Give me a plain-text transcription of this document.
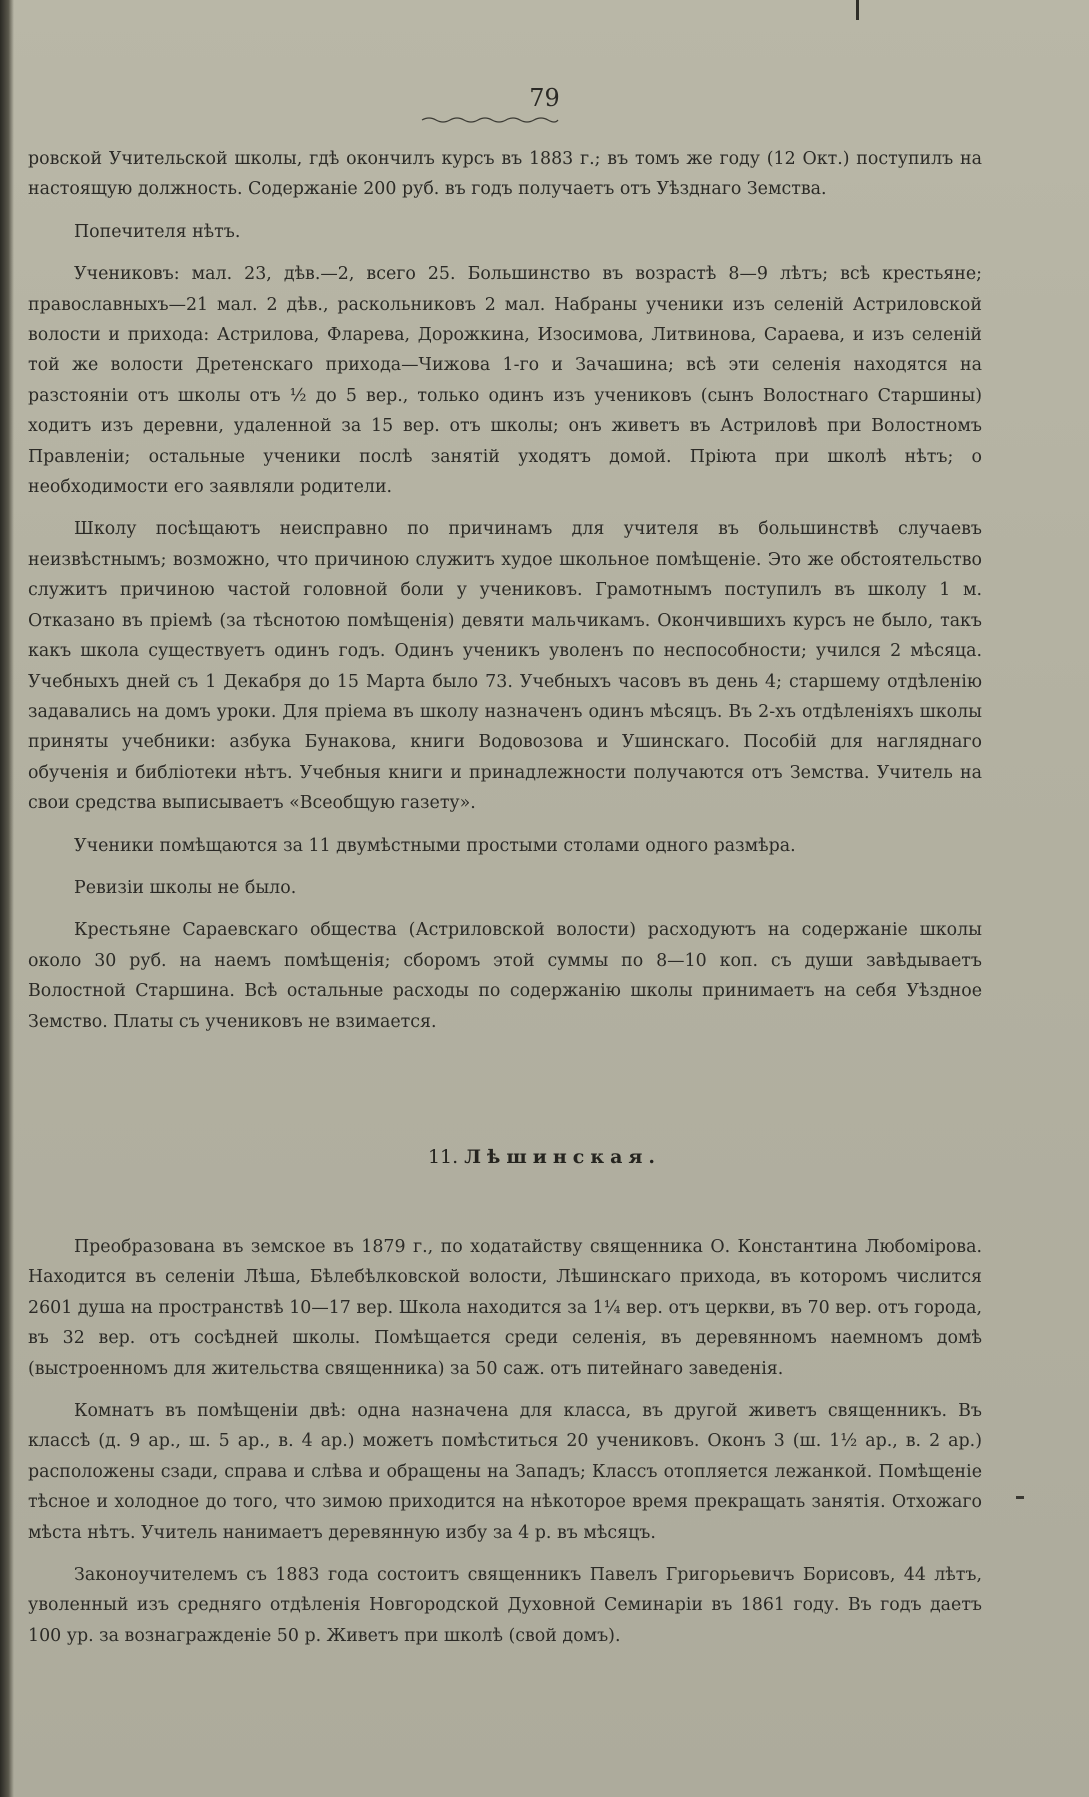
79

ровской Учительской школы, гдѣ окончилъ курсъ въ 1883 г.; въ томъ же году (12 Окт.) поступилъ на настоящую должность. Содержаніе 200 руб. въ годъ получаетъ отъ Уѣзднаго Земства.

Попечителя нѣтъ.

Учениковъ: мал. 23, дѣв.—2, всего 25. Большинство въ возрастѣ 8—9 лѣтъ; всѣ крестьяне; православныхъ—21 мал. 2 дѣв., раскольниковъ 2 мал. Набраны ученики изъ селеній Астриловской волости и прихода: Астрилова, Фларева, Дорожкина, Изосимова, Литвинова, Сараева, и изъ селеній той же волости Дретенскаго прихода—Чижова 1-го и Зачашина; всѣ эти селенія находятся на разстояніи отъ школы отъ ½ до 5 вер., только одинъ изъ учениковъ (сынъ Волостнаго Старшины) ходитъ изъ деревни, удаленной за 15 вер. отъ школы; онъ живетъ въ Астриловѣ при Волостномъ Правленіи; остальные ученики послѣ занятій уходятъ домой. Пріюта при школѣ нѣтъ; о необходимости его заявляли родители.

Школу посѣщаютъ неисправно по причинамъ для учителя въ большинствѣ случаевъ неизвѣстнымъ; возможно, что причиною служитъ худое школьное помѣщеніе. Это же обстоятельство служитъ причиною частой головной боли у учениковъ. Грамотнымъ поступилъ въ школу 1 м. Отказано въ пріемѣ (за тѣснотою помѣщенія) девяти мальчикамъ. Окончившихъ курсъ не было, такъ какъ школа существуетъ одинъ годъ. Одинъ ученикъ уволенъ по неспособности; учился 2 мѣсяца. Учебныхъ дней съ 1 Декабря до 15 Марта было 73. Учебныхъ часовъ въ день 4; старшему отдѣленію задавались на домъ уроки. Для пріема въ школу назначенъ одинъ мѣсяцъ. Въ 2-хъ отдѣленіяхъ школы приняты учебники: азбука Бунакова, книги Водовозова и Ушинскаго. Пособій для нагляднаго обученія и библіотеки нѣтъ. Учебныя книги и принадлежности получаются отъ Земства. Учитель на свои средства выписываетъ «Всеобщую газету».

Ученики помѣщаются за 11 двумѣстными простыми столами одного размѣра.

Ревизіи школы не было.

Крестьяне Сараевскаго общества (Астриловской волости) расходуютъ на содержаніе школы около 30 руб. на наемъ помѣщенія; сборомъ этой суммы по 8—10 коп. съ души завѣдываетъ Волостной Старшина. Всѣ остальные расходы по содержанію школы принимаетъ на себя Уѣздное Земство. Платы съ учениковъ не взимается.

11. Лѣшинская.

Преобразована въ земское въ 1879 г., по ходатайству священника О. Константина Любомірова. Находится въ селеніи Лѣша, Бѣлебѣлковской волости, Лѣшинскаго прихода, въ которомъ числится 2601 душа на пространствѣ 10—17 вер. Школа находится за 1¼ вер. отъ церкви, въ 70 вер. отъ города, въ 32 вер. отъ сосѣдней школы. Помѣщается среди селенія, въ деревянномъ наемномъ домѣ (выстроенномъ для жительства священника) за 50 саж. отъ питейнаго заведенія.

Комнатъ въ помѣщеніи двѣ: одна назначена для класса, въ другой живетъ священникъ. Въ классѣ (д. 9 ар., ш. 5 ар., в. 4 ар.) можетъ помѣститься 20 учениковъ. Оконъ 3 (ш. 1½ ар., в. 2 ар.) расположены сзади, справа и слѣва и обращены на Западъ; Классъ отопляется лежанкой. Помѣщеніе тѣсное и холодное до того, что зимою приходится на нѣкоторое время прекращать занятія. Отхожаго мѣста нѣтъ. Учитель нанимаетъ деревянную избу за 4 р. въ мѣсяцъ.

Законоучителемъ съ 1883 года состоитъ священникъ Павелъ Григорьевичъ Борисовъ, 44 лѣтъ, уволенный изъ средняго отдѣленія Новгородской Духовной Семинаріи въ 1861 году. Въ годъ даетъ 100 ур. за вознагражденіе 50 р. Живетъ при школѣ (свой домъ).
